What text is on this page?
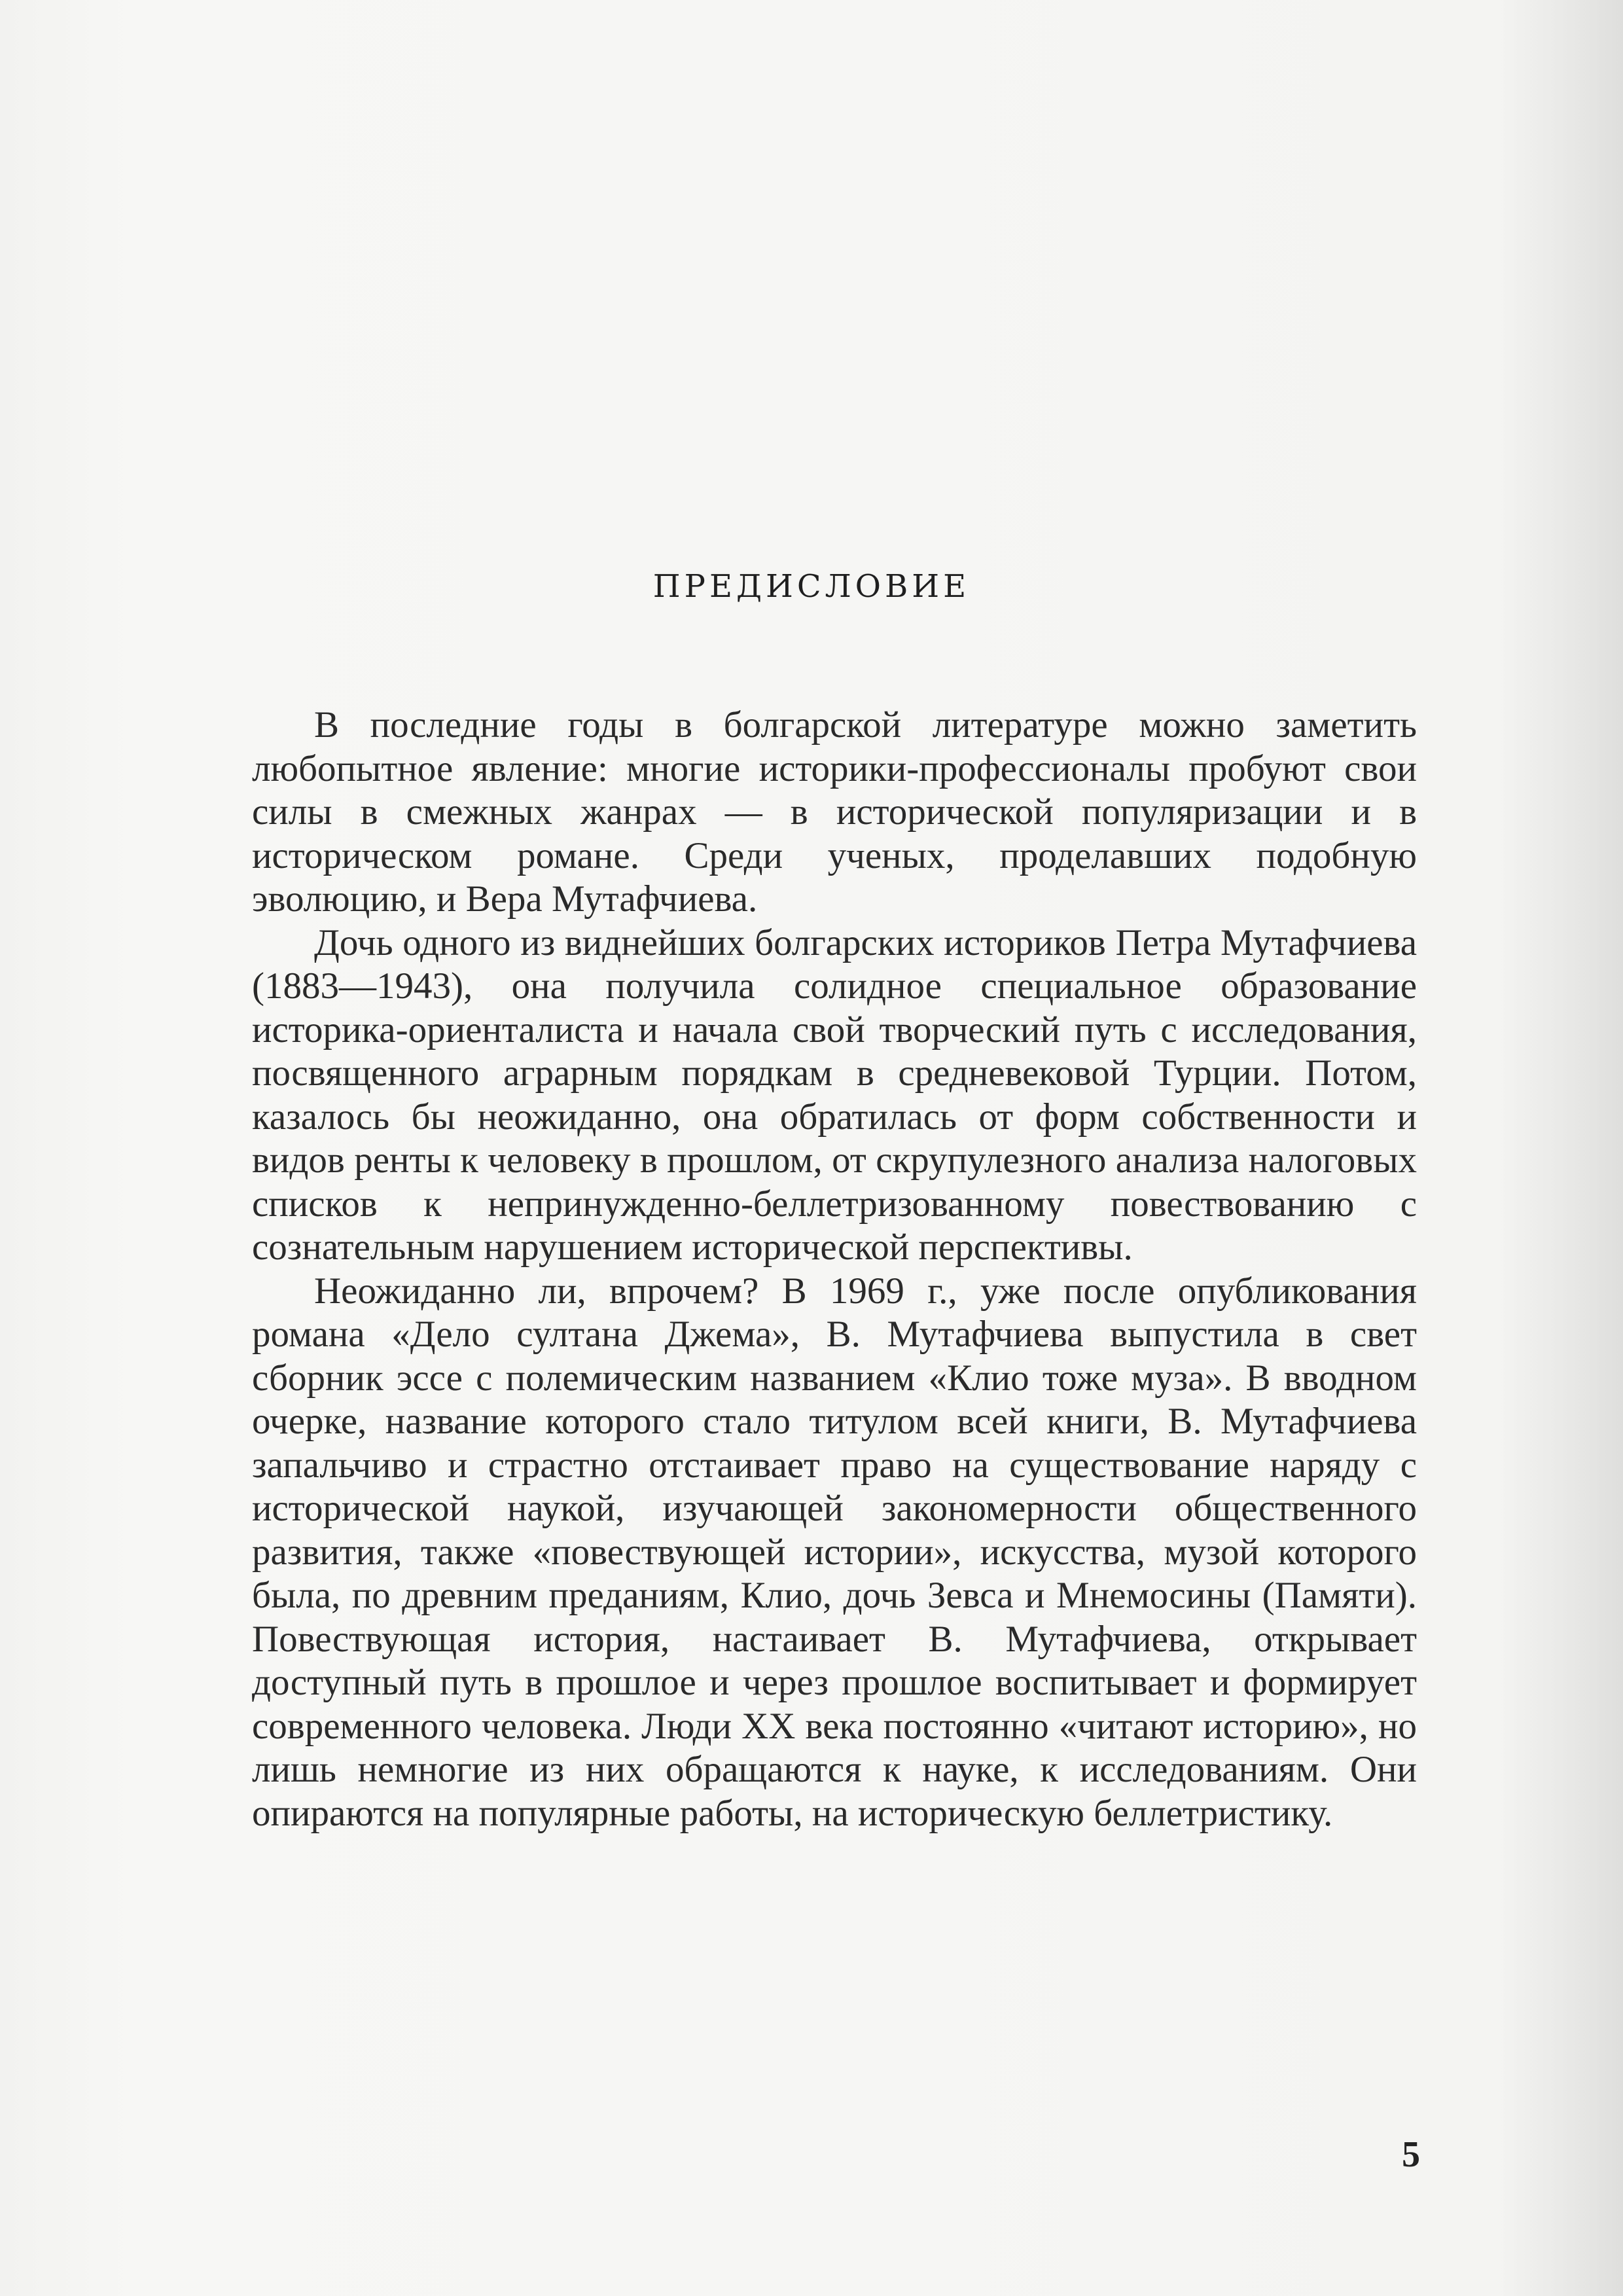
ПРЕДИСЛОВИЕ

В последние годы в болгарской литературе можно заметить любопытное явление: многие историки-профессионалы пробуют свои силы в смежных жанрах — в исторической популяризации и в историческом романе. Среди ученых, проделавших подобную эволюцию, и Вера Мутафчиева.

Дочь одного из виднейших болгарских историков Петра Мутафчиева (1883—1943), она получила солидное специальное образование историка-ориенталиста и начала свой творческий путь с исследования, посвященного аграрным порядкам в средневековой Турции. Потом, казалось бы неожиданно, она обратилась от форм собственности и видов ренты к человеку в прошлом, от скрупулезного анализа налоговых списков к непринужденно-беллетризованному повествованию с сознательным нарушением исторической перспективы.

Неожиданно ли, впрочем? В 1969 г., уже после опубликования романа «Дело султана Джема», В. Мутафчиева выпустила в свет сборник эссе с полемическим названием «Клио тоже муза». В вводном очерке, название которого стало титулом всей книги, В. Мутафчиева запальчиво и страстно отстаивает право на существование наряду с исторической наукой, изучающей закономерности общественного развития, также «повествующей истории», искусства, музой которого была, по древним преданиям, Клио, дочь Зевса и Мнемосины (Памяти). Повествующая история, настаивает В. Мутафчиева, открывает доступный путь в прошлое и через прошлое воспитывает и формирует современного человека. Люди XX века постоянно «читают историю», но лишь немногие из них обращаются к науке, к исследованиям. Они опираются на популярные работы, на историческую беллетристику.

5
